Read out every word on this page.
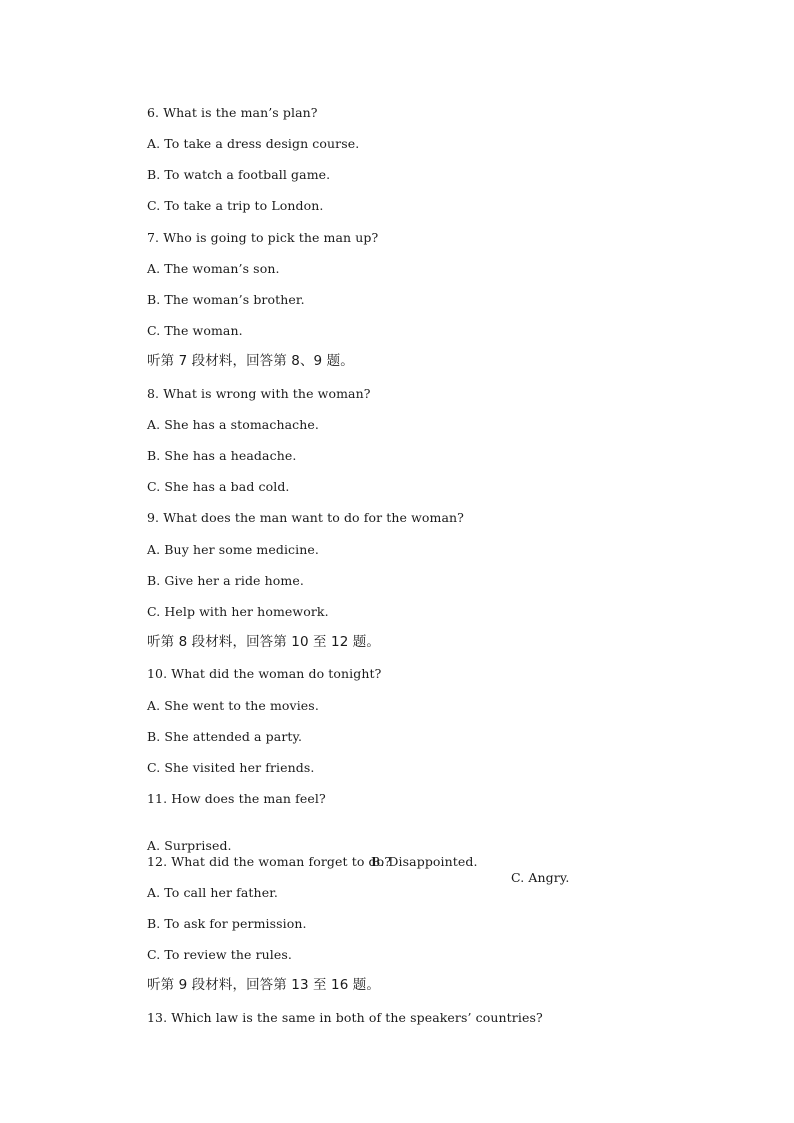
6. What is the man’s plan?
A. To take a dress design course.
B. To watch a football game.
C. To take a trip to London.
7. Who is going to pick the man up?
A. The woman’s son.
B. The woman’s brother.
C. The woman.
听第 7 段材料，回答第 8、9 题。
8. What is wrong with the woman?
A. She has a stomachache.
B. She has a headache.
C. She has a bad cold.
9. What does the man want to do for the woman?
A. Buy her some medicine.
B. Give her a ride home.
C. Help with her homework.
听第 8 段材料，回答第 10 至 12 题。
10. What did the woman do tonight?
A. She went to the movies.
B. She attended a party.
C. She visited her friends.
11. How does the man feel?

A. Surprised.

B. Disappointed.

C. Angry.

12. What did the woman forget to do?
A. To call her father.
B. To ask for permission.
C. To review the rules.
听第 9 段材料，回答第 13 至 16 题。
13. Which law is the same in both of the speakers’ countries?
